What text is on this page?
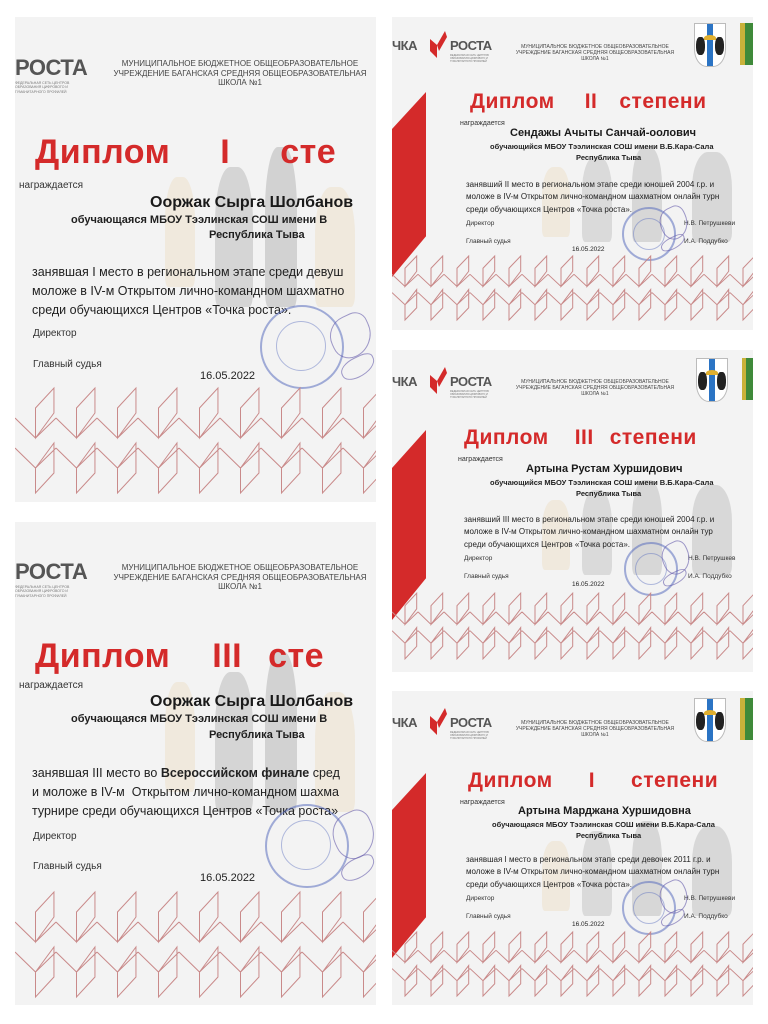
РОСТА
ФЕДЕРАЛЬНАЯ СЕТЬ ЦЕНТРОВ ОБРАЗОВАНИЯ ЦИФРОВОГО И ГУМАНИТАРНОГО ПРОФИЛЕЙ
МУНИЦИПАЛЬНОЕ БЮДЖЕТНОЕ ОБЩЕОБРАЗОВАТЕЛЬНОЕ
УЧРЕЖДЕНИЕ БАГАНСКАЯ СРЕДНЯЯ ОБЩЕОБРАЗОВАТЕЛЬНАЯ
ШКОЛА №1
Диплом I сте
награждается
Ооржак Сырга Шолбанов
обучающаяся МБОУ Тээлинская СОШ имени В
Республика Тыва
занявшая I место в региональном этапе среди девуш
моложе в IV-м Открытом лично-командном шахматно
среди обучающихся Центров «Точка роста».
Директор
Главный судья
16.05.2022
РОСТА
ФЕДЕРАЛЬНАЯ СЕТЬ ЦЕНТРОВ ОБРАЗОВАНИЯ ЦИФРОВОГО И ГУМАНИТАРНОГО ПРОФИЛЕЙ
МУНИЦИПАЛЬНОЕ БЮДЖЕТНОЕ ОБЩЕОБРАЗОВАТЕЛЬНОЕ
УЧРЕЖДЕНИЕ БАГАНСКАЯ СРЕДНЯЯ ОБЩЕОБРАЗОВАТЕЛЬНАЯ
ШКОЛА №1
Диплом III сте
награждается
Ооржак Сырга Шолбанов
обучающаяся МБОУ Тээлинская СОШ имени В
Республика Тыва
занявшая III место во Всероссийском финале сред
и моложе в IV-м  Открытом лично-командном шахма
турнире среди обучающихся Центров «Точка роста»
Директор
Главный судья
16.05.2022
ЧКА	РОСТА
ФЕДЕРАЛЬНАЯ СЕТЬ ЦЕНТРОВ ОБРАЗОВАНИЯ ЦИФРОВОГО И ГУМАНИТАРНОГО ПРОФИЛЕЙ
МУНИЦИПАЛЬНОЕ БЮДЖЕТНОЕ ОБЩЕОБРАЗОВАТЕЛЬНОЕ
УЧРЕЖДЕНИЕ БАГАНСКАЯ СРЕДНЯЯ ОБЩЕОБРАЗОВАТЕЛЬНАЯ
ШКОЛА №1
Диплом II степени
награждается
Сендажы Ачыты Санчай-оолович
обучающийся МБОУ Тээлинская СОШ имени В.Б.Кара-Сала
Республика Тыва
занявший II место в региональном этапе среди юношей 2004 г.р. и
моложе в IV-м Открытом лично-командном шахматном онлайн турн
среди обучающихся Центров «Точка роста».
Директор	Н.В. Петрушкеви
Главный судья	И.А. Поддубко
16.05.2022
ЧКА	РОСТА
ФЕДЕРАЛЬНАЯ СЕТЬ ЦЕНТРОВ ОБРАЗОВАНИЯ ЦИФРОВОГО И ГУМАНИТАРНОГО ПРОФИЛЕЙ
МУНИЦИПАЛЬНОЕ БЮДЖЕТНОЕ ОБЩЕОБРАЗОВАТЕЛЬНОЕ
УЧРЕЖДЕНИЕ БАГАНСКАЯ СРЕДНЯЯ ОБЩЕОБРАЗОВАТЕЛЬНАЯ
ШКОЛА №1
Диплом III степени
награждается
Артына Рустам Хуршидович
обучающийся МБОУ Тээлинская СОШ имени В.Б.Кара-Сала
Республика Тыва
занявший III место в региональном этапе среди юношей 2004 г.р. и
моложе в IV-м Открытом лично-командном шахматном онлайн тур
среди обучающихся Центров «Точка роста».
Директор	Н.В. Петрушкев
Главный судья	И.А. Поддубко
16.05.2022
ЧКА	РОСТА
ФЕДЕРАЛЬНАЯ СЕТЬ ЦЕНТРОВ ОБРАЗОВАНИЯ ЦИФРОВОГО И ГУМАНИТАРНОГО ПРОФИЛЕЙ
МУНИЦИПАЛЬНОЕ БЮДЖЕТНОЕ ОБЩЕОБРАЗОВАТЕЛЬНОЕ
УЧРЕЖДЕНИЕ БАГАНСКАЯ СРЕДНЯЯ ОБЩЕОБРАЗОВАТЕЛЬНАЯ
ШКОЛА №1
Диплом I степени
награждается
Артына Марджана Хуршидовна
обучающаяся МБОУ Тээлинская СОШ имени В.Б.Кара-Сала
Республика Тыва
занявшая I место в региональном этапе среди девочек 2011 г.р. и
моложе в IV-м Открытом лично-командном шахматном онлайн турн
среди обучающихся Центров «Точка роста».
Директор	Н.В. Петрушкеви
Главный судья	И.А. Поддубко
16.05.2022
